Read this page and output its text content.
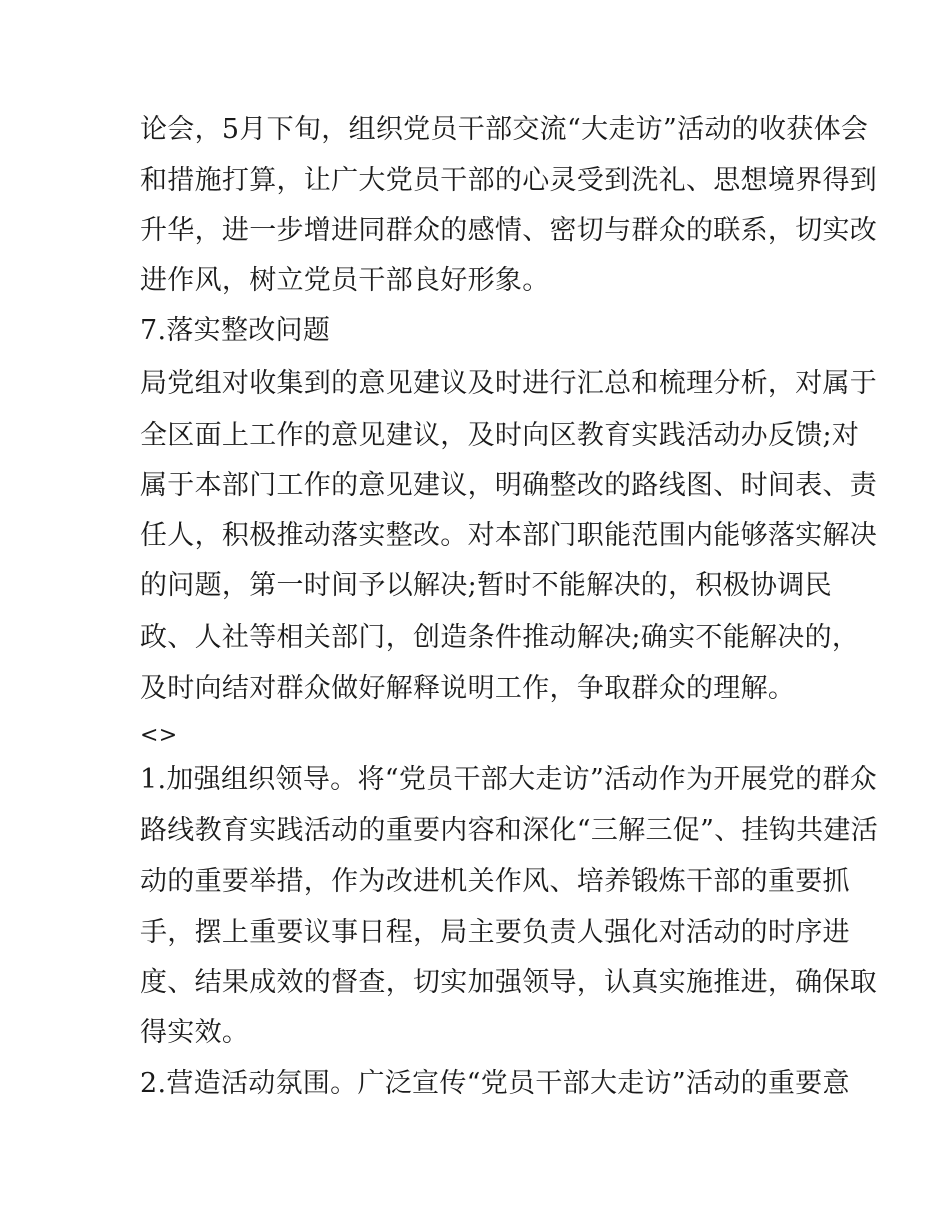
论会，5月下旬，组织党员干部交流“大走访”活动的收获体会
和措施打算，让广大党员干部的心灵受到洗礼、思想境界得到
升华，进一步增进同群众的感情、密切与群众的联系，切实改
进作风，树立党员干部良好形象。
7.落实整改问题
局党组对收集到的意见建议及时进行汇总和梳理分析，对属于
全区面上工作的意见建议，及时向区教育实践活动办反馈;对
属于本部门工作的意见建议，明确整改的路线图、时间表、责
任人，积极推动落实整改。对本部门职能范围内能够落实解决
的问题，第一时间予以解决;暂时不能解决的，积极协调民
政、人社等相关部门，创造条件推动解决;确实不能解决的，
及时向结对群众做好解释说明工作，争取群众的理解。
<>
1.加强组织领导。将“党员干部大走访”活动作为开展党的群众
路线教育实践活动的重要内容和深化“三解三促”、挂钩共建活
动的重要举措，作为改进机关作风、培养锻炼干部的重要抓
手，摆上重要议事日程，局主要负责人强化对活动的时序进
度、结果成效的督查，切实加强领导，认真实施推进，确保取
得实效。
2.营造活动氛围。广泛宣传“党员干部大走访”活动的重要意
